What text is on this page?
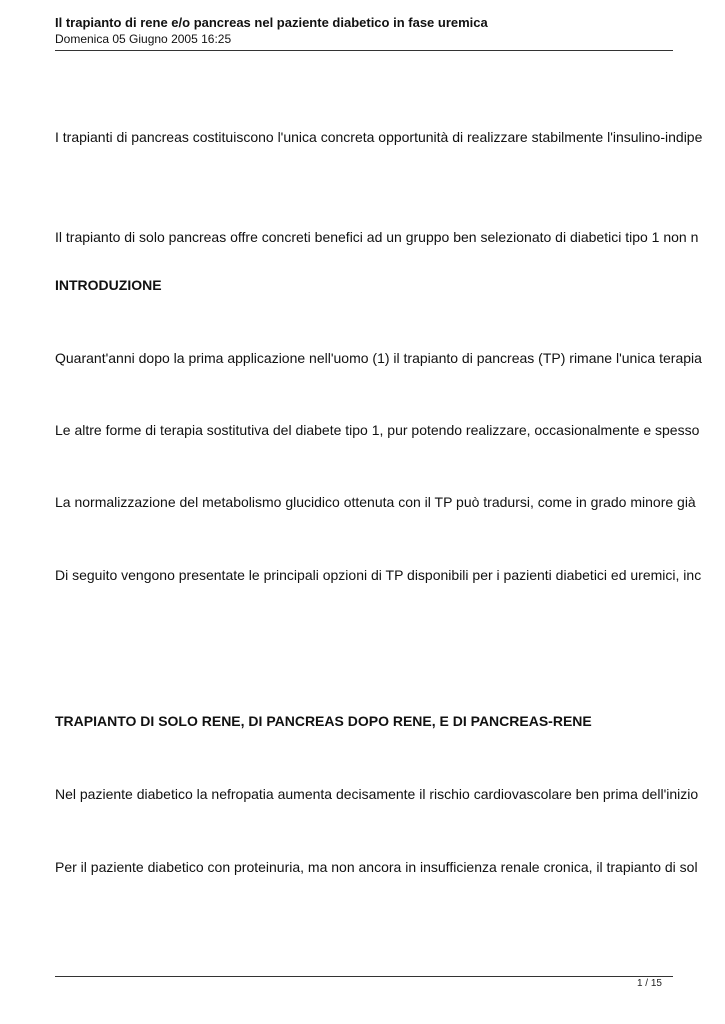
Il trapianto di rene e/o pancreas nel paziente diabetico in fase uremica
Domenica 05 Giugno 2005 16:25
I trapianti di pancreas costituiscono l'unica concreta opportunità di realizzare stabilmente l'insulino-indipe
Il trapianto di solo pancreas offre concreti benefici ad un gruppo ben selezionato di diabetici tipo 1 non n
INTRODUZIONE
Quarant'anni dopo la prima applicazione nell'uomo (1) il trapianto di pancreas (TP) rimane l'unica terapia
Le altre forme di terapia sostitutiva del diabete tipo 1, pur potendo realizzare, occasionalmente e spesso
La normalizzazione del metabolismo glucidico ottenuta con il TP può tradursi, come in grado minore già
Di seguito vengono presentate le principali opzioni di TP disponibili per i pazienti diabetici ed uremici, inc
TRAPIANTO DI SOLO RENE, DI PANCREAS DOPO RENE, E DI PANCREAS-RENE
Nel paziente diabetico la nefropatia aumenta decisamente il rischio cardiovascolare ben prima dell'inizio
Per il paziente diabetico con proteinuria, ma non ancora in insufficienza renale cronica, il trapianto di sol
1 / 15
